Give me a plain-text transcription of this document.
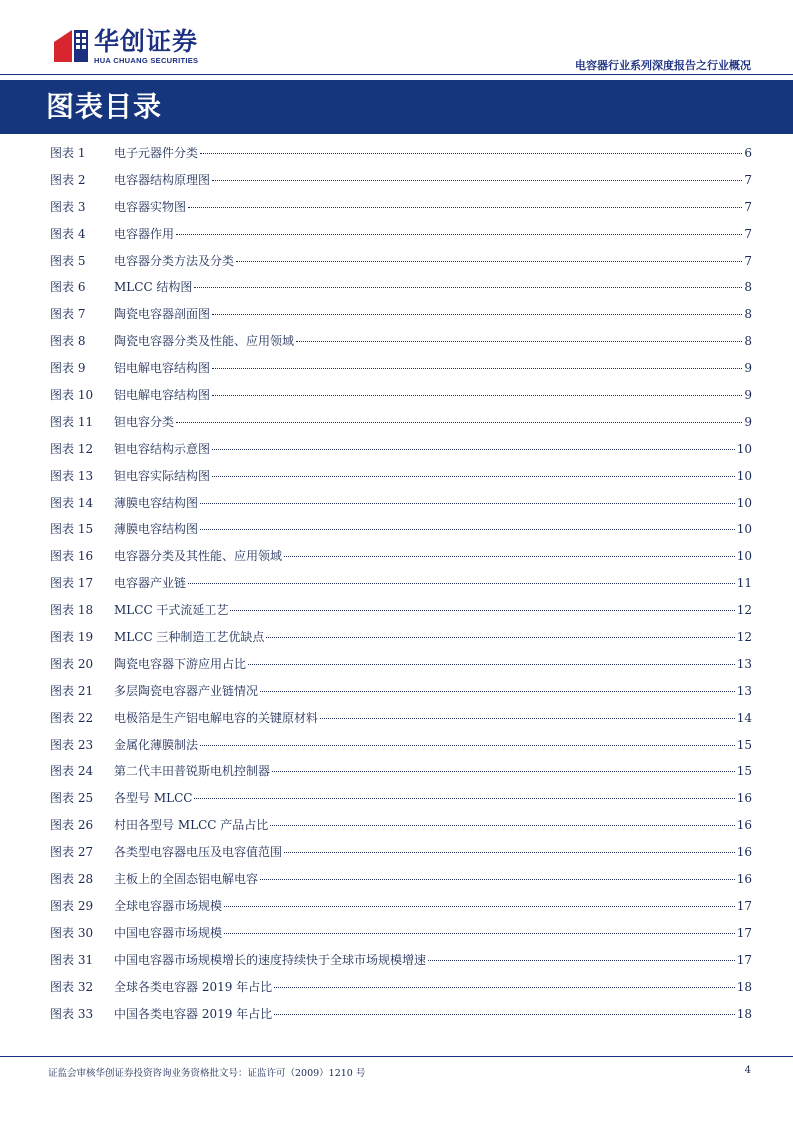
华创证券
HUA CHUANG SECURITIES	电容器行业系列深度报告之行业概况
图表目录
图表 1	电子元器件分类	6
图表 2	电容器结构原理图	7
图表 3	电容器实物图	7
图表 4	电容器作用	7
图表 5	电容器分类方法及分类	7
图表 6	MLCC 结构图	8
图表 7	陶瓷电容器剖面图	8
图表 8	陶瓷电容器分类及性能、应用领域	8
图表 9	铝电解电容结构图	9
图表 10	铝电解电容结构图	9
图表 11	钽电容分类	9
图表 12	钽电容结构示意图	10
图表 13	钽电容实际结构图	10
图表 14	薄膜电容结构图	10
图表 15	薄膜电容结构图	10
图表 16	电容器分类及其性能、应用领域	10
图表 17	电容器产业链	11
图表 18	MLCC 干式流延工艺	12
图表 19	MLCC 三种制造工艺优缺点	12
图表 20	陶瓷电容器下游应用占比	13
图表 21	多层陶瓷电容器产业链情况	13
图表 22	电极箔是生产铝电解电容的关键原材料	14
图表 23	金属化薄膜制法	15
图表 24	第二代丰田普锐斯电机控制器	15
图表 25	各型号 MLCC	16
图表 26	村田各型号 MLCC 产品占比	16
图表 27	各类型电容器电压及电容值范围	16
图表 28	主板上的全固态铝电解电容	16
图表 29	全球电容器市场规模	17
图表 30	中国电容器市场规模	17
图表 31	中国电容器市场规模增长的速度持续快于全球市场规模增速	17
图表 32	全球各类电容器 2019 年占比	18
图表 33	中国各类电容器 2019 年占比	18
证监会审核华创证券投资咨询业务资格批文号：证监许可（2009）1210 号	4
